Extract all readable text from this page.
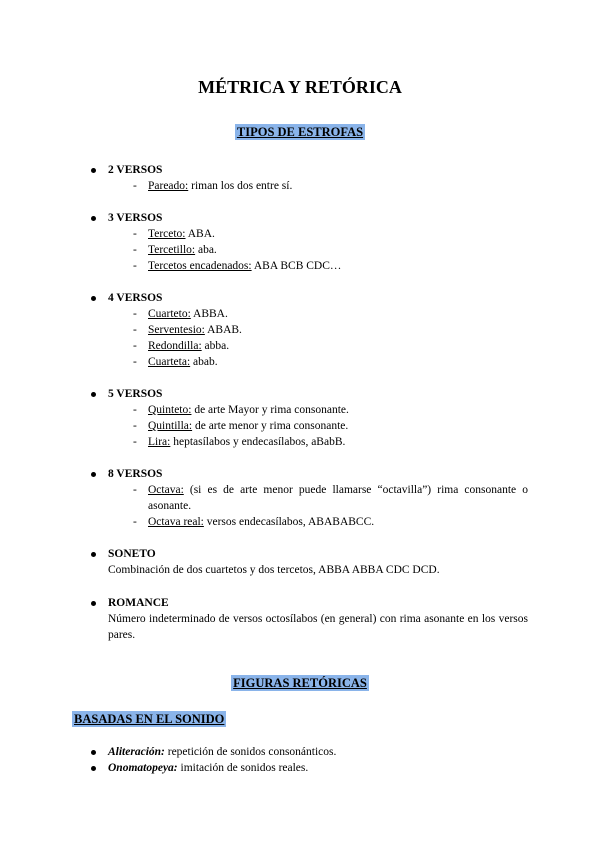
MÉTRICA Y RETÓRICA
TIPOS DE ESTROFAS
2 VERSOS
- Pareado: riman los dos entre sí.
3 VERSOS
- Terceto: ABA.
- Tercetillo: aba.
- Tercetos encadenados: ABA BCB CDC…
4 VERSOS
- Cuarteto: ABBA.
- Serventesio: ABAB.
- Redondilla: abba.
- Cuarteta: abab.
5 VERSOS
- Quinteto: de arte Mayor y rima consonante.
- Quintilla: de arte menor y rima consonante.
- Lira: heptasílabos y endecasílabos, aBabB.
8 VERSOS
- Octava: (si es de arte menor puede llamarse “octavilla”) rima consonante o asonante.
- Octava real: versos endecasílabos, ABABABCC.
SONETO
Combinación de dos cuartetos y dos tercetos, ABBA ABBA CDC DCD.
ROMANCE
Número indeterminado de versos octosílabos (en general) con rima asonante en los versos pares.
FIGURAS RETÓRICAS
BASADAS EN EL SONIDO
Aliteración: repetición de sonidos consonánticos.
Onomatopeya: imitación de sonidos reales.
